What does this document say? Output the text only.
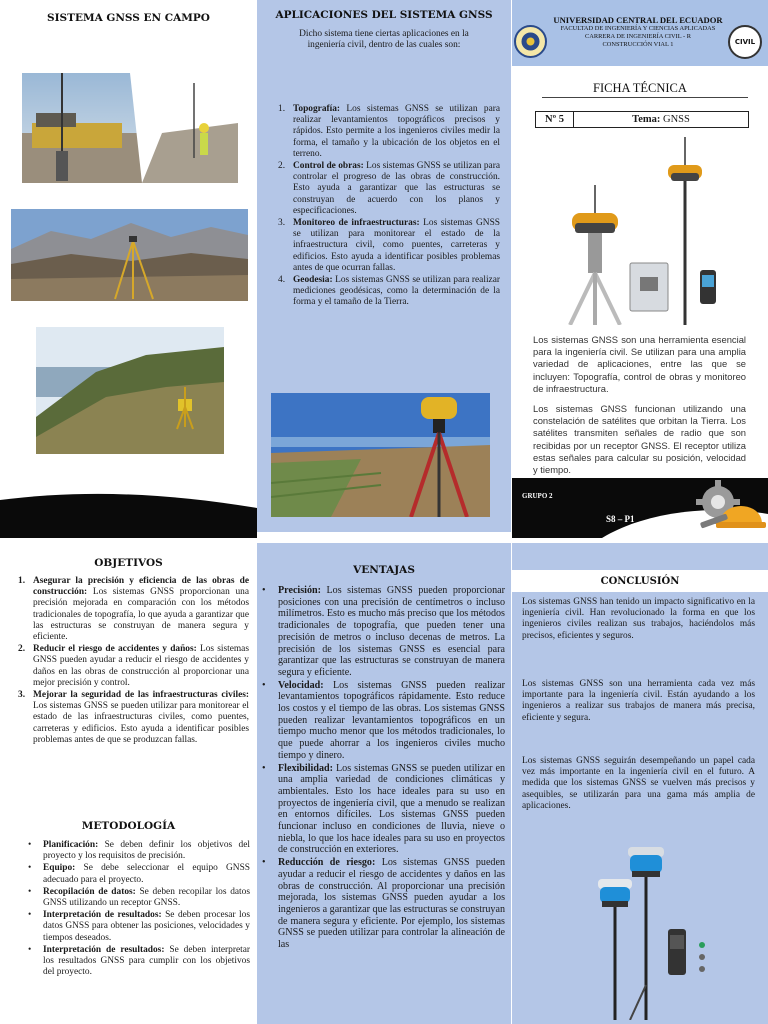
SISTEMA GNSS EN CAMPO	APLICACIONES DEL SISTEMA GNSS
Dicho sistema tiene ciertas aplicaciones en la ingeniería civil, dentro de las cuales son:
1. Topografía: Los sistemas GNSS se utilizan para realizar levantamientos topográficos precisos y rápidos. Esto permite a los ingenieros civiles medir la forma, el tamaño y la ubicación de los objetos en el terreno.
2. Control de obras: Los sistemas GNSS se utilizan para controlar el progreso de las obras de construcción. Esto ayuda a garantizar que las estructuras se construyan de acuerdo con los planos y especificaciones.
3. Monitoreo de infraestructuras: Los sistemas GNSS se utilizan para monitorear el estado de la infraestructura civil, como puentes, carreteras y edificios. Esto ayuda a identificar posibles problemas antes de que ocurran fallas.
4. Geodesia: Los sistemas GNSS se utilizan para realizar mediciones geodésicas, como la determinación de la forma y el tamaño de la Tierra.
CIVIL
UNIVERSIDAD CENTRAL DEL ECUADOR
FACULTAD DE INGENIERÍA Y CIENCIAS APLICADAS
CARRERA DE INGENIERÍA CIVIL - R
CONSTRUCCIÓN VIAL 1
FICHA TÉCNICA
Nº 5	Tema: GNSS
Los sistemas GNSS son una herramienta esencial para la ingeniería civil. Se utilizan para una amplia variedad de aplicaciones, entre las que se incluyen: Topografía, control de obras y monitoreo de infraestructura.
Los sistemas GNSS funcionan utilizando una constelación de satélites que orbitan la Tierra. Los satélites transmiten señales de radio que son recibidas por un receptor GNSS. El receptor utiliza estas señales para calcular su posición, velocidad y tiempo.
GRUPO 2
S8 – P1
OBJETIVOS
1. Asegurar la precisión y eficiencia de las obras de construcción: Los sistemas GNSS proporcionan una precisión mejorada en comparación con los métodos tradicionales de topografía, lo que ayuda a garantizar que las estructuras se construyan de manera segura y eficiente.
2. Reducir el riesgo de accidentes y daños: Los sistemas GNSS pueden ayudar a reducir el riesgo de accidentes y daños en las obras de construcción al proporcionar una mejor precisión y control.
3. Mejorar la seguridad de las infraestructuras civiles: Los sistemas GNSS se pueden utilizar para monitorear el estado de las infraestructuras civiles, como puentes, carreteras y edificios. Esto ayuda a identificar posibles problemas antes de que se produzcan fallas.
METODOLOGÍA
•	Planificación: Se deben definir los objetivos del proyecto y los requisitos de precisión.
•	Equipo: Se debe seleccionar el equipo GNSS adecuado para el proyecto.
•	Recopilación de datos: Se deben recopilar los datos GNSS utilizando un receptor GNSS.
•	Interpretación de resultados: Se deben procesar los datos GNSS para obtener las posiciones, velocidades y tiempos deseados.
•	Interpretación de resultados: Se deben interpretar los resultados GNSS para cumplir con los objetivos del proyecto.
VENTAJAS
•	Precisión: Los sistemas GNSS pueden proporcionar posiciones con una precisión de centímetros o incluso milímetros. Esto es mucho más preciso que los métodos tradicionales de topografía, que pueden tener una precisión de metros o incluso decenas de metros. La precisión de los sistemas GNSS es esencial para garantizar que las estructuras se construyan de manera segura y eficiente.
•	Velocidad: Los sistemas GNSS pueden realizar levantamientos topográficos rápidamente. Esto reduce los costos y el tiempo de las obras. Los sistemas GNSS pueden realizar levantamientos topográficos en un tiempo mucho menor que los métodos tradicionales, lo que puede ahorrar a los ingenieros civiles mucho tiempo y dinero.
•	Flexibilidad: Los sistemas GNSS se pueden utilizar en una amplia variedad de condiciones climáticas y ambientales. Esto los hace ideales para su uso en proyectos de ingeniería civil, que a menudo se realizan en entornos difíciles. Los sistemas GNSS pueden funcionar incluso en condiciones de lluvia, nieve o niebla, lo que los hace ideales para su uso en proyectos de construcción en exteriores.
•	Reducción de riesgo: Los sistemas GNSS pueden ayudar a reducir el riesgo de accidentes y daños en las obras de construcción. Al proporcionar una precisión mejorada, los sistemas GNSS pueden ayudar a los ingenieros a garantizar que las estructuras se construyan de manera segura y eficiente. Por ejemplo, los sistemas GNSS se pueden utilizar para controlar la alineación de las
CONCLUSIÓN
Los sistemas GNSS han tenido un impacto significativo en la ingeniería civil. Han revolucionado la forma en que los ingenieros civiles realizan sus trabajos, haciéndolos más precisos, eficientes y seguros.
Los sistemas GNSS son una herramienta cada vez más importante para la ingeniería civil. Están ayudando a los ingenieros a realizar sus trabajos de manera más precisa, eficiente y segura.
Los sistemas GNSS seguirán desempeñando un papel cada vez más importante en la ingeniería civil en el futuro. A medida que los sistemas GNSS se vuelven más precisos y asequibles, se utilizarán para una gama más amplia de aplicaciones.
